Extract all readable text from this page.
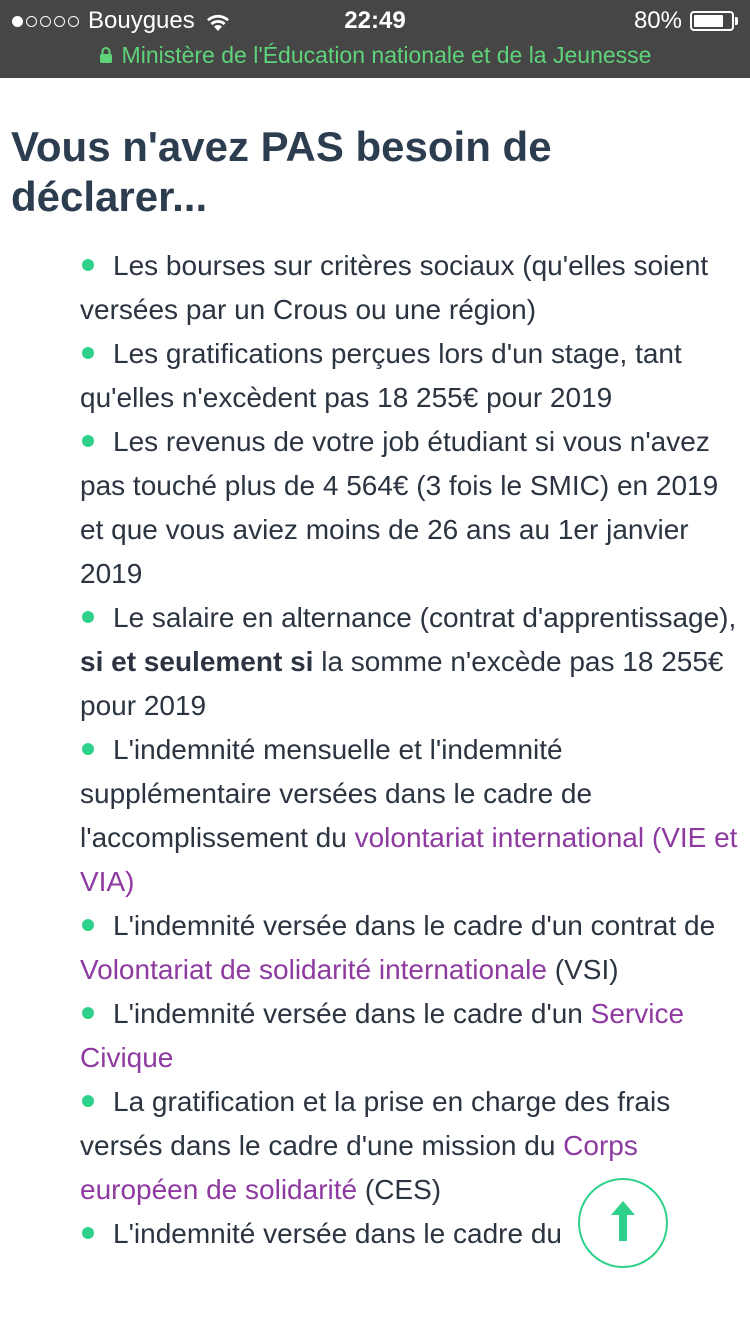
Bouygues	22:49	80%
Ministère de l'Éducation nationale et de la Jeunesse
Vous n'avez PAS besoin de déclarer...
Les bourses sur critères sociaux (qu'elles soient versées par un Crous ou une région)
Les gratifications perçues lors d'un stage, tant qu'elles n'excèdent pas 18 255€ pour 2019
Les revenus de votre job étudiant si vous n'avez pas touché plus de 4 564€ (3 fois le SMIC) en 2019 et que vous aviez moins de 26 ans au 1er janvier 2019
Le salaire en alternance (contrat d'apprentissage), si et seulement si la somme n'excède pas 18 255€ pour 2019
L'indemnité mensuelle et l'indemnité supplémentaire versées dans le cadre de l'accomplissement du volontariat international (VIE et VIA)
L'indemnité versée dans le cadre d'un contrat de Volontariat de solidarité internationale (VSI)
L'indemnité versée dans le cadre d'un Service Civique
La gratification et la prise en charge des frais versés dans le cadre d'une mission du Corps européen de solidarité (CES)
L'indemnité versée dans le cadre du
